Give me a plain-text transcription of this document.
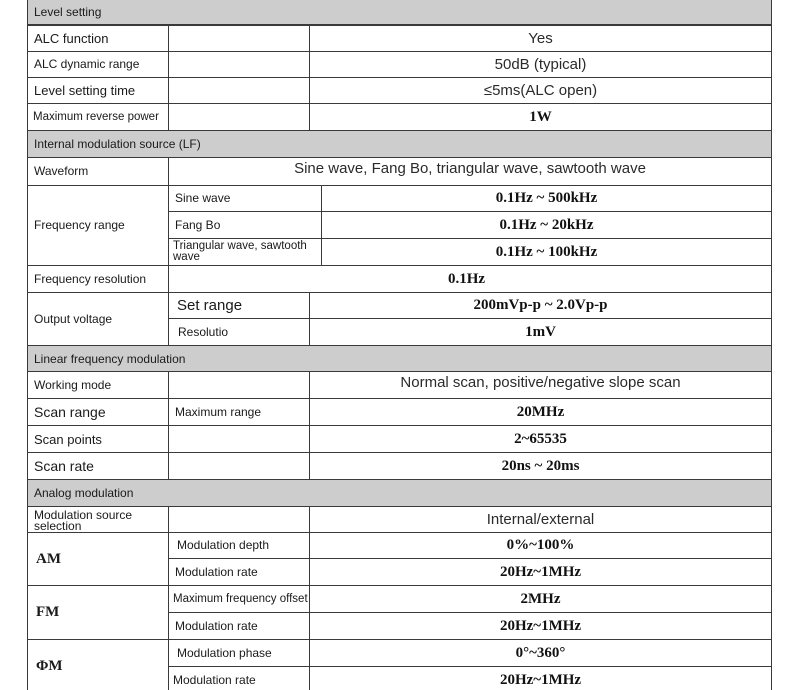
Level setting
ALC function	Yes
ALC dynamic range	50dB (typical)
Level setting time	≤5ms(ALC open)
Maximum reverse power	1W
Internal modulation source (LF)
Waveform	Sine wave, Fang Bo, triangular wave, sawtooth wave
Frequency range
Sine wave	0.1Hz ~ 500kHz
Fang Bo	0.1Hz ~ 20kHz
Triangular wave, sawtooth wave	0.1Hz ~ 100kHz
Frequency resolution	0.1Hz
Output voltage
Set range	200mVp-p ~ 2.0Vp-p
Resolutio	1mV
Linear frequency modulation
Working mode	Normal scan, positive/negative slope scan
Scan range	Maximum range	20MHz
Scan points	2~65535
Scan rate	20ns ~ 20ms
Analog modulation
Modulation source selection	Internal/external
AM
Modulation depth	0%~100%
Modulation rate	20Hz~1MHz
FM
Maximum frequency offset	2MHz
Modulation rate	20Hz~1MHz
ΦM
Modulation phase	0°~360°
Modulation rate	20Hz~1MHz
